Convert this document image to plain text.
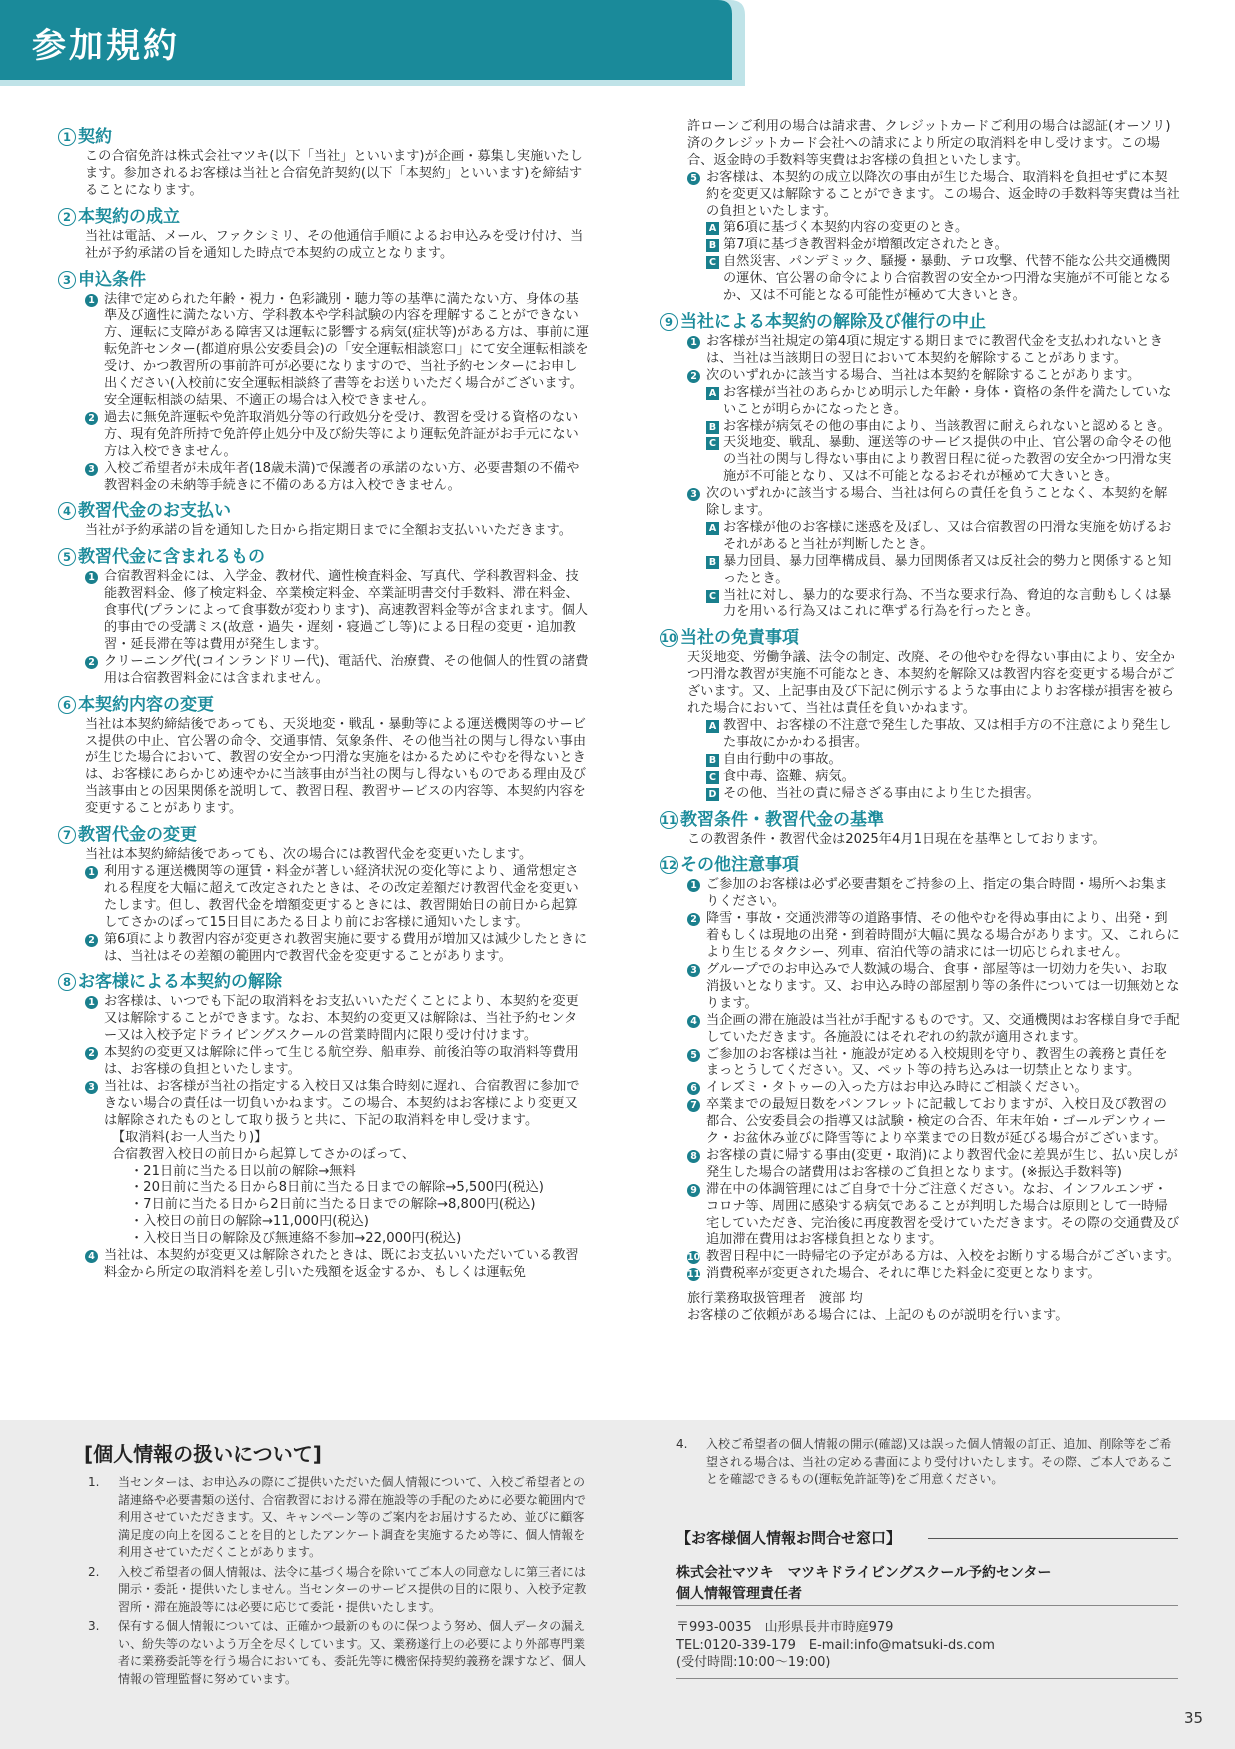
参加規約
1 契約
この合宿免許は株式会社マツキ(以下「当社」といいます)が企画・募集し実施いたします。参加されるお客様は当社と合宿免許契約(以下「本契約」といいます)を締結することになります。
2 本契約の成立
当社は電話、メール、ファクシミリ、その他通信手順によるお申込みを受け付け、当社が予約承諾の旨を通知した時点で本契約の成立となります。
3 申込条件
1 法律で定められた年齢・視力・色彩識別・聴力等の基準に満たない方、身体の基準及び適性に満たない方、学科教本や学科試験の内容を理解することができない方、運転に支障がある障害又は運転に影響する病気(症状等)がある方は、事前に運転免許センター(都道府県公安委員会)の「安全運転相談窓口」にて安全運転相談を受け、かつ教習所の事前許可が必要になりますので、当社予約センターにお申し出ください(入校前に安全運転相談終了書等をお送りいただく場合がございます。安全運転相談の結果、不適正の場合は入校できません。
2 過去に無免許運転や免許取消処分等の行政処分を受け、教習を受ける資格のない方、現有免許所持で免許停止処分中及び紛失等により運転免許証がお手元にない方は入校できません。
3 入校ご希望者が未成年者(18歳未満)で保護者の承諾のない方、必要書類の不備や教習料金の未納等手続きに不備のある方は入校できません。
4 教習代金のお支払い
当社が予約承諾の旨を通知した日から指定期日までに全額お支払いいただきます。
5 教習代金に含まれるもの
1 合宿教習料金には、入学金、教材代、適性検査料金、写真代、学科教習料金、技能教習料金、修了検定料金、卒業検定料金、卒業証明書交付手数料、滞在料金、食事代(プランによって食事数が変わります)、高速教習料金等が含まれます。個人的事由での受講ミス(故意・過失・遅刻・寝過ごし等)による日程の変更・追加教習・延長滞在等は費用が発生します。
2 クリーニング代(コインランドリー代)、電話代、治療費、その他個人的性質の諸費用は合宿教習料金には含まれません。
6 本契約内容の変更
当社は本契約締結後であっても、天災地変・戦乱・暴動等による運送機関等のサービス提供の中止、官公署の命令、交通事情、気象条件、その他当社の関与し得ない事由が生じた場合において、教習の安全かつ円滑な実施をはかるためにやむを得ないときは、お客様にあらかじめ速やかに当該事由が当社の関与し得ないものである理由及び当該事由との因果関係を説明して、教習日程、教習サービスの内容等、本契約内容を変更することがあります。
7 教習代金の変更
当社は本契約締結後であっても、次の場合には教習代金を変更いたします。
1 利用する運送機関等の運賃・料金が著しい経済状況の変化等により、通常想定される程度を大幅に超えて改定されたときは、その改定差額だけ教習代金を変更いたします。但し、教習代金を増額変更するときには、教習開始日の前日から起算してさかのぼって15日目にあたる日より前にお客様に通知いたします。
2 第6項により教習内容が変更され教習実施に要する費用が増加又は減少したときには、当社はその差額の範囲内で教習代金を変更することがあります。
8 お客様による本契約の解除
1 お客様は、いつでも下記の取消料をお支払いいただくことにより、本契約を変更又は解除することができます。なお、本契約の変更又は解除は、当社予約センター又は入校予定ドライビングスクールの営業時間内に限り受け付けます。
2 本契約の変更又は解除に伴って生じる航空券、船車券、前後泊等の取消料等費用は、お客様の負担といたします。
3 当社は、お客様が当社の指定する入校日又は集合時刻に遅れ、合宿教習に参加できない場合の責任は一切負いかねます。この場合、本契約はお客様により変更又は解除されたものとして取り扱うと共に、下記の取消料を申し受けます。
【取消料(お一人当たり)】
合宿教習入校日の前日から起算してさかのぼって、
・21日前に当たる日以前の解除→無料
・20日前に当たる日から8日前に当たる日までの解除→5,500円(税込)
・7日前に当たる日から2日前に当たる日までの解除→8,800円(税込)
・入校日の前日の解除→11,000円(税込)
・入校日当日の解除及び無連絡不参加→22,000円(税込)
4 当社は、本契約が変更又は解除されたときは、既にお支払いいただいている教習料金から所定の取消料を差し引いた残額を返金するか、もしくは運転免
許ローンご利用の場合は請求書、クレジットカードご利用の場合は認証(オーソリ)済のクレジットカード会社への請求により所定の取消料を申し受けます。この場合、返金時の手数料等実費はお客様の負担といたします。
5 お客様は、本契約の成立以降次の事由が生じた場合、取消料を負担せずに本契約を変更又は解除することができます。この場合、返金時の手数料等実費は当社の負担といたします。
A 第6項に基づく本契約内容の変更のとき。
B 第7項に基づき教習料金が増額改定されたとき。
C 自然災害、パンデミック、騒擾・暴動、テロ攻撃、代替不能な公共交通機関の運休、官公署の命令により合宿教習の安全かつ円滑な実施が不可能となるか、又は不可能となる可能性が極めて大きいとき。
9 当社による本契約の解除及び催行の中止
1 お客様が当社規定の第4項に規定する期日までに教習代金を支払われないときは、当社は当該期日の翌日において本契約を解除することがあります。
2 次のいずれかに該当する場合、当社は本契約を解除することがあります。
A お客様が当社のあらかじめ明示した年齢・身体・資格の条件を満たしていないことが明らかになったとき。
B お客様が病気その他の事由により、当該教習に耐えられないと認めるとき。
C 天災地変、戦乱、暴動、運送等のサービス提供の中止、官公署の命令その他の当社の関与し得ない事由により教習日程に従った教習の安全かつ円滑な実施が不可能となり、又は不可能となるおそれが極めて大きいとき。
3 次のいずれかに該当する場合、当社は何らの責任を負うことなく、本契約を解除します。
A お客様が他のお客様に迷惑を及ぼし、又は合宿教習の円滑な実施を妨げるおそれがあると当社が判断したとき。
B 暴力団員、暴力団準構成員、暴力団関係者又は反社会的勢力と関係すると知ったとき。
C 当社に対し、暴力的な要求行為、不当な要求行為、脅迫的な言動もしくは暴力を用いる行為又はこれに準ずる行為を行ったとき。
10 当社の免責事項
天災地変、労働争議、法令の制定、改廃、その他やむを得ない事由により、安全かつ円滑な教習が実施不可能なとき、本契約を解除又は教習内容を変更する場合がございます。又、上記事由及び下記に例示するような事由によりお客様が損害を被られた場合において、当社は責任を負いかねます。
A 教習中、お客様の不注意で発生した事故、又は相手方の不注意により発生した事故にかかわる損害。
B 自由行動中の事故。
C 食中毒、盗難、病気。
D その他、当社の責に帰さざる事由により生じた損害。
11 教習条件・教習代金の基準
この教習条件・教習代金は2025年4月1日現在を基準としております。
12 その他注意事項
1 ご参加のお客様は必ず必要書類をご持参の上、指定の集合時間・場所へお集まりください。
2 降雪・事故・交通渋滞等の道路事情、その他やむを得ぬ事由により、出発・到着もしくは現地の出発・到着時間が大幅に異なる場合があります。又、これらにより生じるタクシー、列車、宿泊代等の請求には一切応じられません。
3 グループでのお申込みで人数減の場合、食事・部屋等は一切効力を失い、お取消扱いとなります。又、お申込み時の部屋割り等の条件については一切無効となります。
4 当企画の滞在施設は当社が手配するものです。又、交通機関はお客様自身で手配していただきます。各施設にはそれぞれの約款が適用されます。
5 ご参加のお客様は当社・施設が定める入校規則を守り、教習生の義務と責任をまっとうしてください。又、ペット等の持ち込みは一切禁止となります。
6 イレズミ・タトゥーの入った方はお申込み時にご相談ください。
7 卒業までの最短日数をパンフレットに記載しておりますが、入校日及び教習の都合、公安委員会の指導又は試験・検定の合否、年末年始・ゴールデンウィーク・お盆休み並びに降雪等により卒業までの日数が延びる場合がございます。
8 お客様の責に帰する事由(変更・取消)により教習代金に差異が生じ、払い戻しが発生した場合の諸費用はお客様のご負担となります。(※振込手数料等)
9 滞在中の体調管理にはご自身で十分ご注意ください。なお、インフルエンザ・コロナ等、周囲に感染する病気であることが判明した場合は原則として一時帰宅していただき、完治後に再度教習を受けていただきます。その際の交通費及び追加滞在費用はお客様負担となります。
10 教習日程中に一時帰宅の予定がある方は、入校をお断りする場合がございます。
11 消費税率が変更された場合、それに準じた料金に変更となります。
旅行業務取扱管理者　渡部 均
お客様のご依頼がある場合には、上記のものが説明を行います。
[個人情報の扱いについて]
1. 当センターは、お申込みの際にご提供いただいた個人情報について、入校ご希望者との諸連絡や必要書類の送付、合宿教習における滞在施設等の手配のために必要な範囲内で利用させていただきます。又、キャンペーン等のご案内をお届けするため、並びに顧客満足度の向上を図ることを目的としたアンケート調査を実施するため等に、個人情報を利用させていただくことがあります。
2. 入校ご希望者の個人情報は、法令に基づく場合を除いてご本人の同意なしに第三者には開示・委託・提供いたしません。当センターのサービス提供の目的に限り、入校予定教習所・滞在施設等には必要に応じて委託・提供いたします。
3. 保有する個人情報については、正確かつ最新のものに保つよう努め、個人データの漏えい、紛失等のないよう万全を尽くしています。又、業務遂行上の必要により外部専門業者に業務委託等を行う場合においても、委託先等に機密保持契約義務を課すなど、個人情報の管理監督に努めています。
4. 入校ご希望者の個人情報の開示(確認)又は誤った個人情報の訂正、追加、削除等をご希望される場合は、当社の定める書面により受付けいたします。その際、ご本人であることを確認できるもの(運転免許証等)をご用意ください。
【お客様個人情報お問合せ窓口】
株式会社マツキ　マツキドライビングスクール予約センター
個人情報管理責任者
〒993-0035　山形県長井市時庭979
TEL:0120-339-179　E-mail:info@matsuki-ds.com
(受付時間:10:00〜19:00)
35
